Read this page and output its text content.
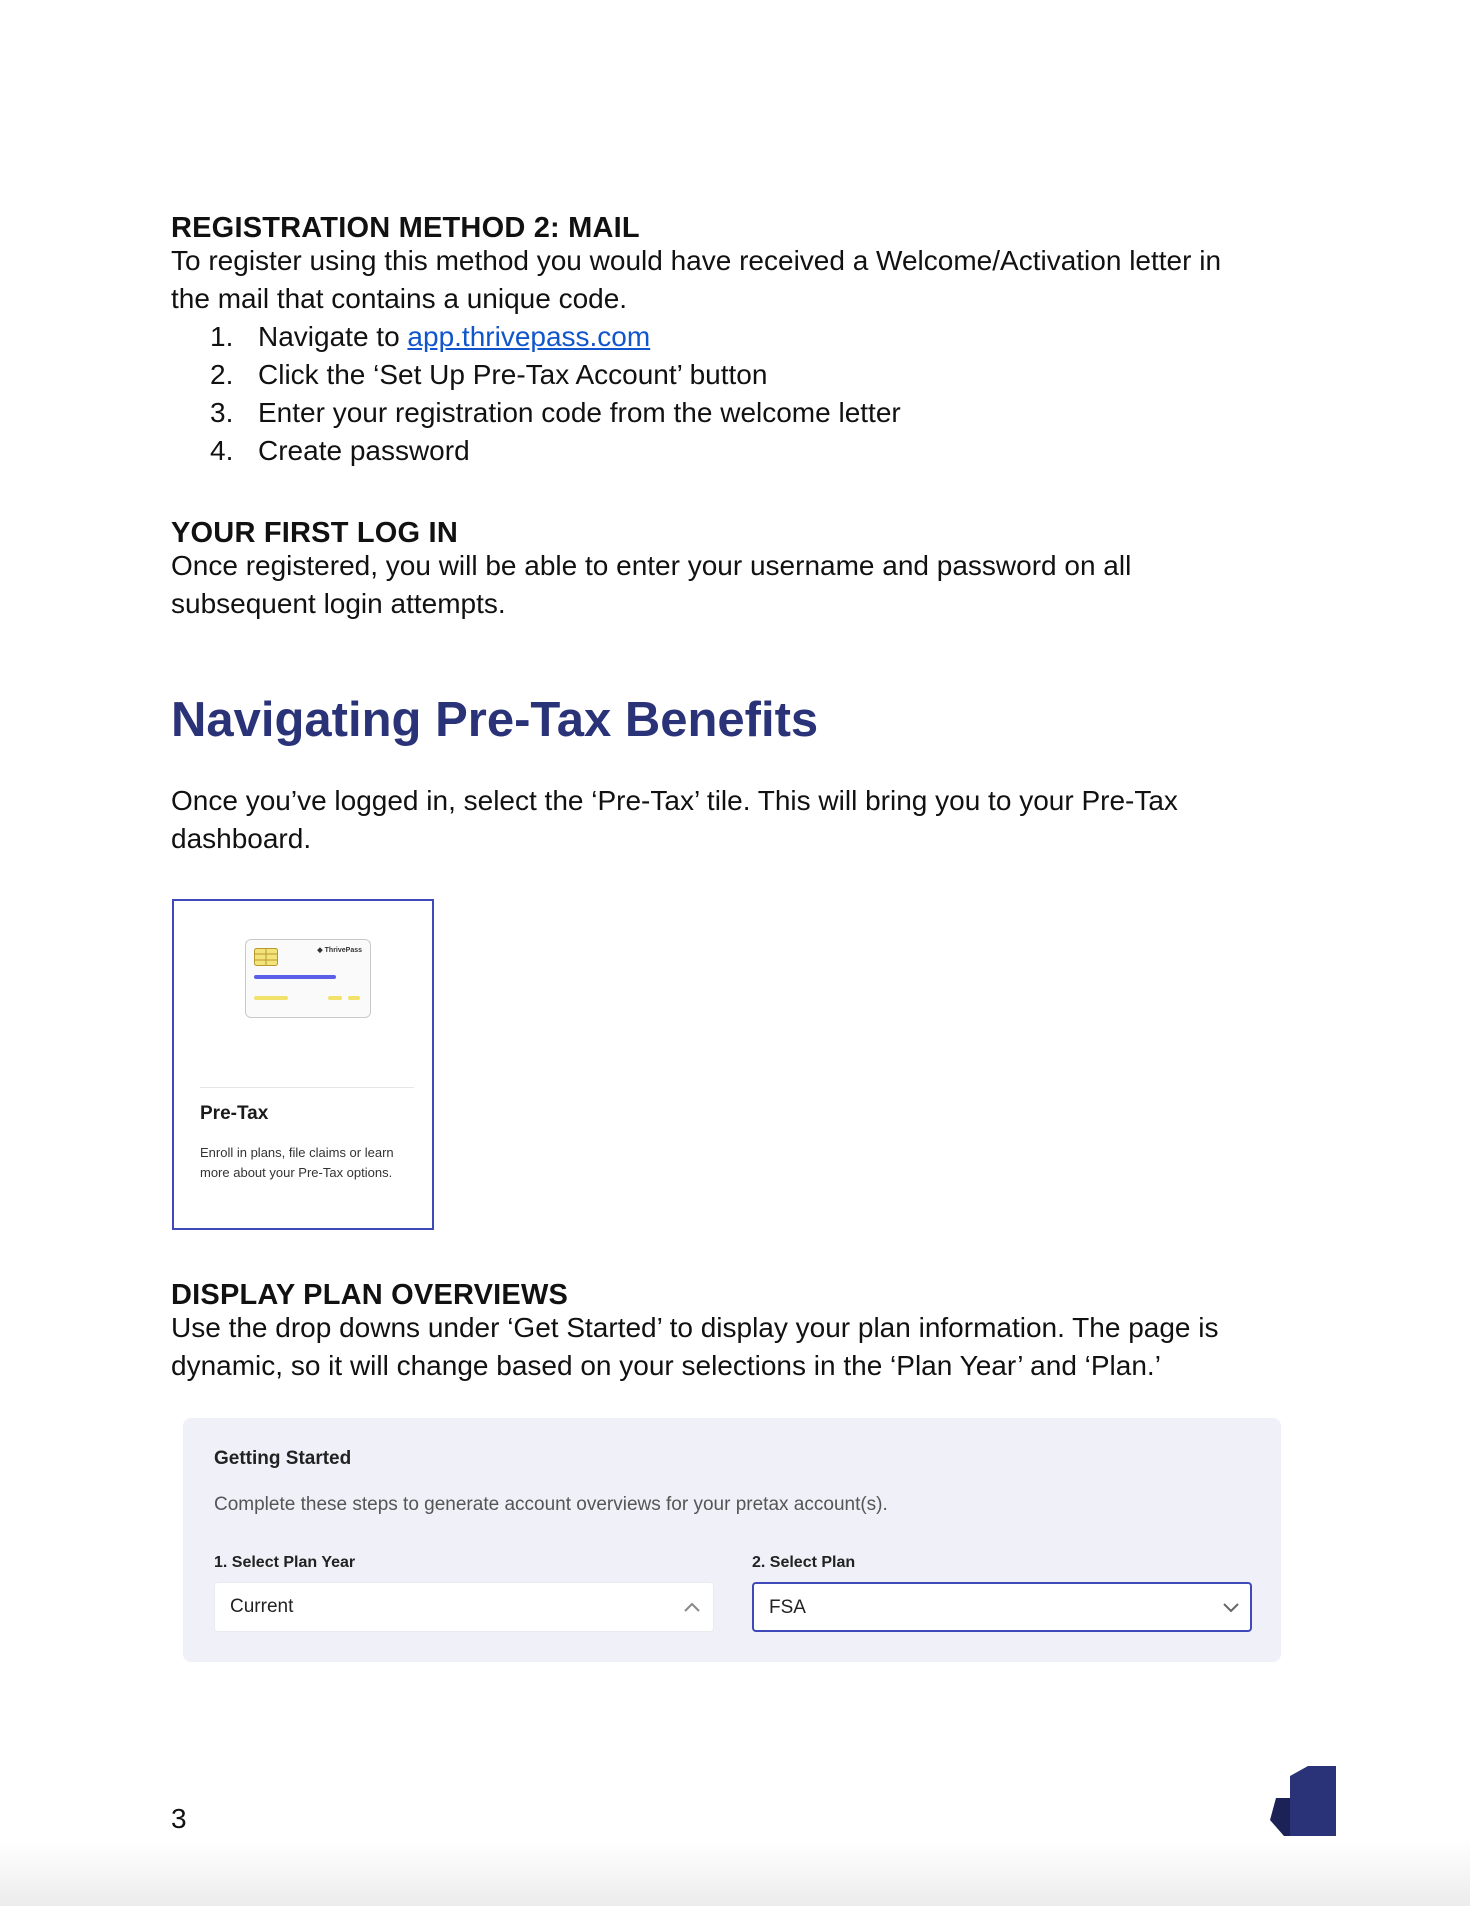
REGISTRATION METHOD 2: MAIL
To register using this method you would have received a Welcome/Activation letter in
the mail that contains a unique code.
1. Navigate to app.thrivepass.com
2. Click the ‘Set Up Pre-Tax Account’ button
3. Enter your registration code from the welcome letter
4. Create password
YOUR FIRST LOG IN
Once registered, you will be able to enter your username and password on all
subsequent login attempts.
Navigating Pre-Tax Benefits
Once you’ve logged in, select the ‘Pre-Tax’ tile. This will bring you to your Pre-Tax
dashboard.
◆ ThrivePass
Pre-Tax
Enroll in plans, file claims or learn more about your Pre-Tax options.
DISPLAY PLAN OVERVIEWS
Use the drop downs under ‘Get Started’ to display your plan information. The page is
dynamic, so it will change based on your selections in the ‘Plan Year’ and ‘Plan.’
Getting Started
Complete these steps to generate account overviews for your pretax account(s).
1. Select Plan Year
Current
2. Select Plan
FSA
3
